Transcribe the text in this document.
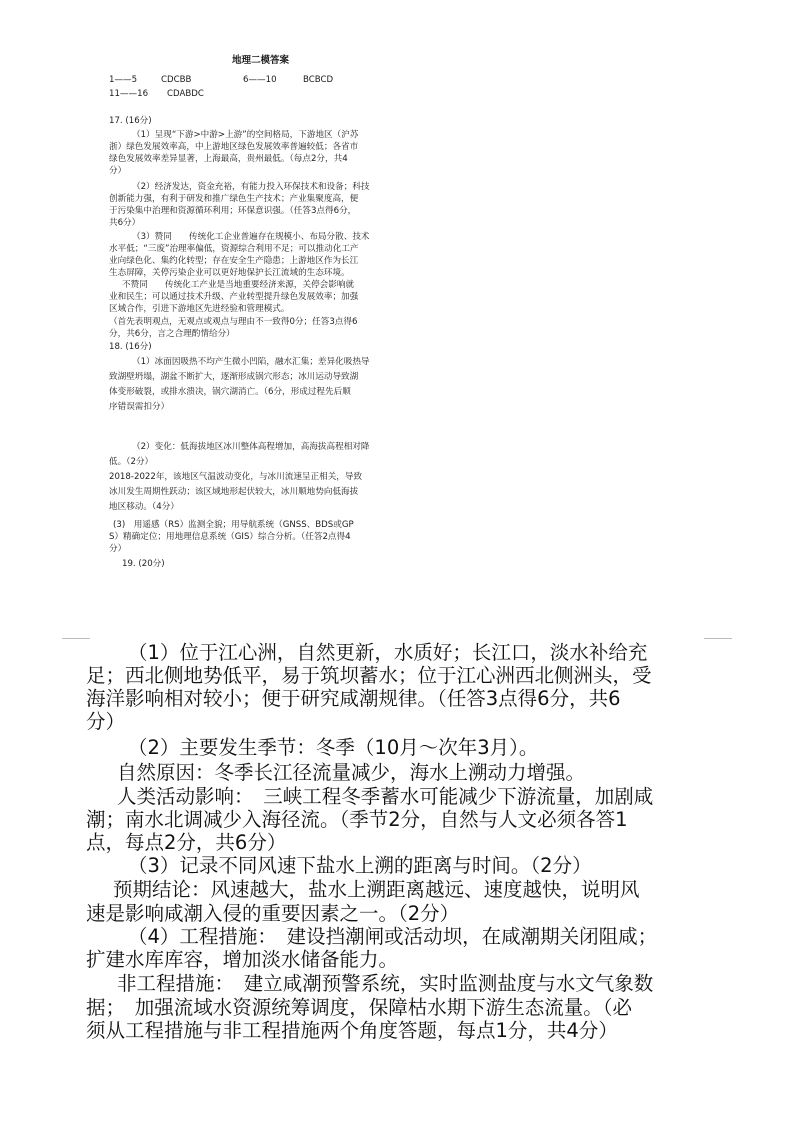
地理二模答案
1——5	CDCBB	6——10	BCBCD
11——16 CDABDC
17. (16分)
（1）呈现“下游>中游>上游”的空间格局，下游地区（沪苏
浙）绿色发展效率高，中上游地区绿色发展效率普遍较低；各省市
绿色发展效率差异显著，上海最高，贵州最低。（每点2分，共4
分）
（2）经济发达，资金充裕，有能力投入环保技术和设备；科技
创新能力强，有利于研发和推广绿色生产技术；产业集聚度高，便
于污染集中治理和资源循环利用；环保意识强。（任答3点得6分，
共6分）
（3）赞同　　传统化工企业普遍存在规模小、布局分散、技术
水平低；“三废”治理率偏低，资源综合利用不足；可以推动化工产
业向绿色化、集约化转型；存在安全生产隐患；上游地区作为长江
生态屏障，关停污染企业可以更好地保护长江流域的生态环境。
不赞同　　传统化工产业是当地重要经济来源，关停会影响就
业和民生；可以通过技术升级、产业转型提升绿色发展效率；加强
区域合作，引进下游地区先进经验和管理模式。
（首先表明观点，无观点或观点与理由不一致得0分；任答3点得6
分，共6分，言之合理酌情给分）
18. (16分)
（1）冰面因吸热不均产生微小凹陷，融水汇集；差异化吸热导
致湖壁坍塌，湖盆不断扩大，逐渐形成锅穴形态；冰川运动导致湖
体变形破裂，或排水溃决，锅穴湖消亡。（6分，形成过程先后顺
序错误需扣分）
（2）变化：低海拔地区冰川整体高程增加，高海拔高程相对降
低。（2分）
2018-2022年，该地区气温波动变化，与冰川流速呈正相关，导致
冰川发生周期性跃动；该区域地形起伏较大，冰川顺地势向低海拔
地区移动。（4分）
(3)　用遥感（RS）监测全貌；用导航系统（GNSS、BDS或GP
S）精确定位；用地理信息系统（GIS）综合分析。（任答2点得4
分）
19. (20分)
（1）位于江心洲，自然更新，水质好；长江口，淡水补给充
足；西北侧地势低平，易于筑坝蓄水；位于江心洲西北侧洲头，受
海洋影响相对较小；便于研究咸潮规律。（任答3点得6分，共6
分）
（2）主要发生季节：冬季（10月～次年3月）。
自然原因：冬季长江径流量减少，海水上溯动力增强。
人类活动影响：　三峡工程冬季蓄水可能减少下游流量，加剧咸
潮；南水北调减少入海径流。（季节2分，自然与人文必须各答1
点，每点2分，共6分）
（3）记录不同风速下盐水上溯的距离与时间。（2分）
预期结论：风速越大，盐水上溯距离越远、速度越快，说明风
速是影响咸潮入侵的重要因素之一。（2分）
（4）工程措施：　建设挡潮闸或活动坝，在咸潮期关闭阻咸；
扩建水库库容，增加淡水储备能力。
非工程措施：　建立咸潮预警系统，实时监测盐度与水文气象数
据；　加强流域水资源统筹调度，保障枯水期下游生态流量。（必
须从工程措施与非工程措施两个角度答题，每点1分，共4分）
